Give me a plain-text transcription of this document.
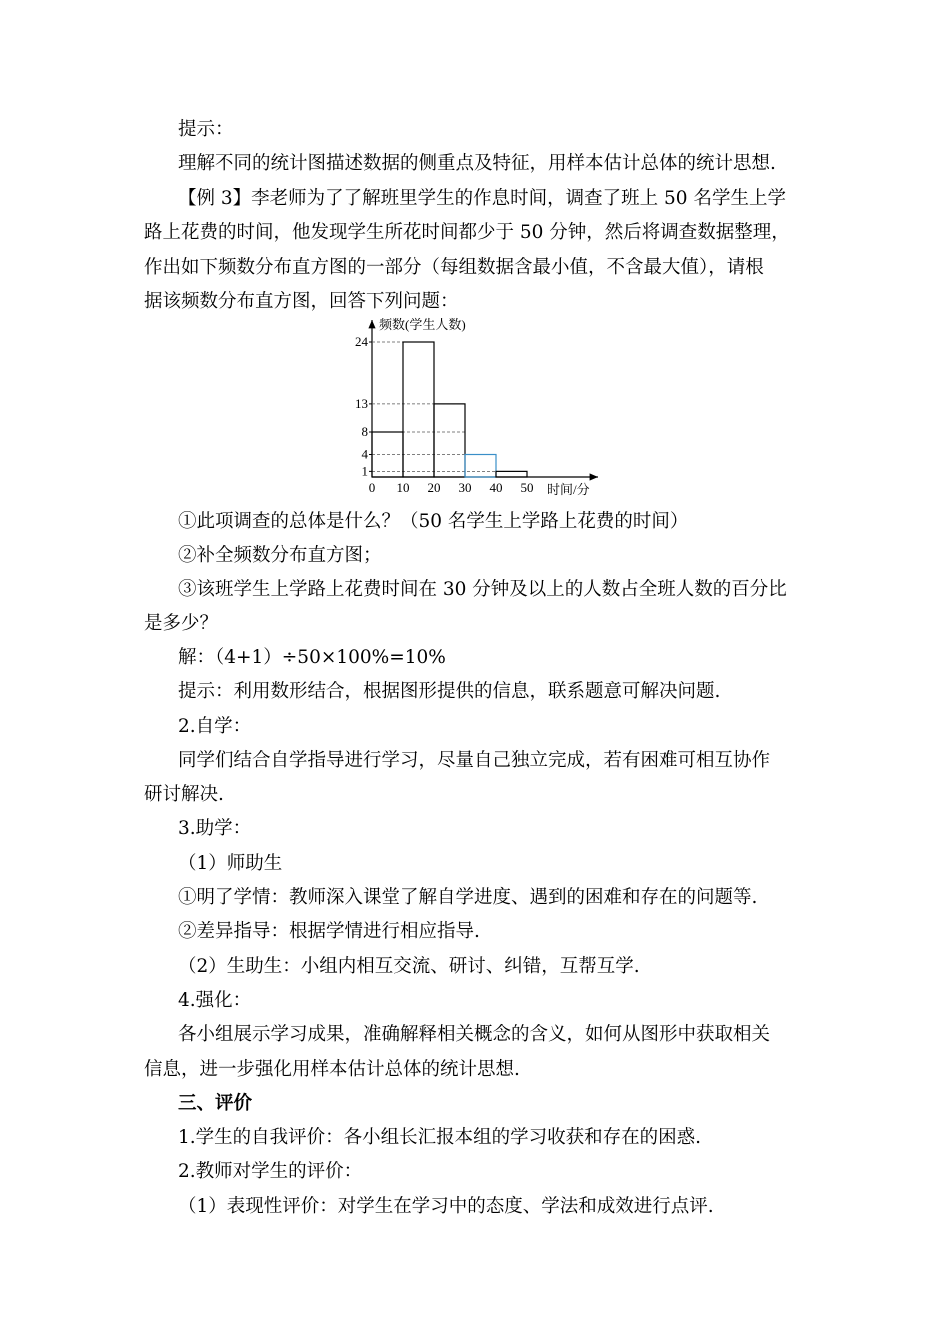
提示：

理解不同的统计图描述数据的侧重点及特征，用样本估计总体的统计思想.

【例 3】李老师为了了解班里学生的作息时间，调查了班上 50 名学生上学

路上花费的时间，他发现学生所花时间都少于 50 分钟，然后将调查数据整理，

作出如下频数分布直方图的一部分（每组数据含最小值，不含最大值），请根

据该频数分布直方图，回答下列问题：

1
4
8
13
24
0 10 20 30 40 50
频数(学生人数)
时间/分

①此项调查的总体是什么？（50 名学生上学路上花费的时间）

②补全频数分布直方图；

③该班学生上学路上花费时间在 30 分钟及以上的人数占全班人数的百分比

是多少？

解：（4+1）÷50×100%=10%

提示：利用数形结合，根据图形提供的信息，联系题意可解决问题.

2.自学：

同学们结合自学指导进行学习，尽量自己独立完成，若有困难可相互协作

研讨解决.

3.助学：

（1）师助生

①明了学情：教师深入课堂了解自学进度、遇到的困难和存在的问题等.

②差异指导：根据学情进行相应指导.

（2）生助生：小组内相互交流、研讨、纠错，互帮互学.

4.强化：

各小组展示学习成果，准确解释相关概念的含义，如何从图形中获取相关

信息，进一步强化用样本估计总体的统计思想.

三、评价

1.学生的自我评价：各小组长汇报本组的学习收获和存在的困惑.

2.教师对学生的评价：

（1）表现性评价：对学生在学习中的态度、学法和成效进行点评.
